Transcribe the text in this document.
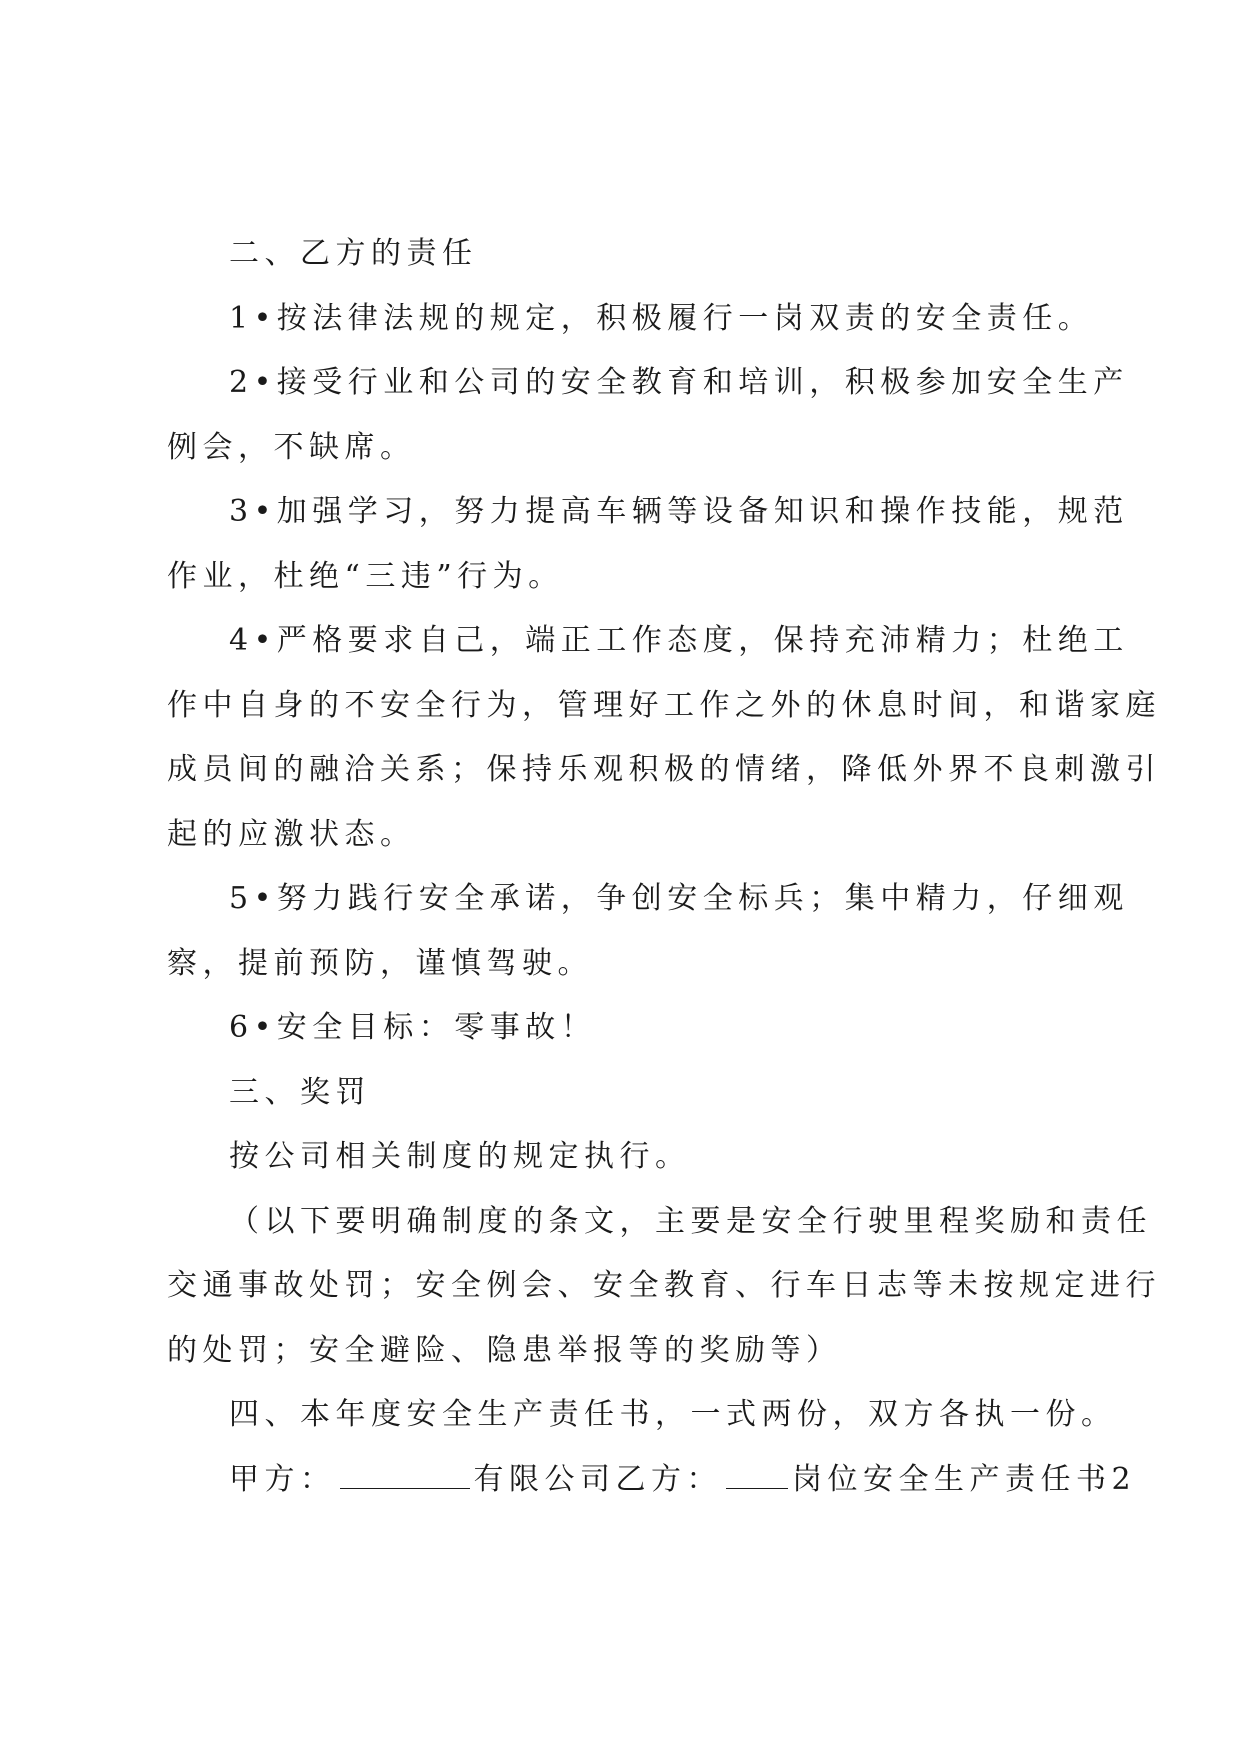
二、乙方的责任

1•按法律法规的规定，积极履行一岗双责的安全责任。

2•接受行业和公司的安全教育和培训，积极参加安全生产
例会，不缺席。

3•加强学习，努力提高车辆等设备知识和操作技能，规范
作业，杜绝“三违”行为。

4•严格要求自己，端正工作态度，保持充沛精力；杜绝工
作中自身的不安全行为，管理好工作之外的休息时间，和谐家庭
成员间的融洽关系；保持乐观积极的情绪，降低外界不良刺激引
起的应激状态。

5•努力践行安全承诺，争创安全标兵；集中精力，仔细观
察，提前预防，谨慎驾驶。

6•安全目标：零事故！

三、奖罚

按公司相关制度的规定执行。

（以下要明确制度的条文，主要是安全行驶里程奖励和责任
交通事故处罚；安全例会、安全教育、行车日志等未按规定进行
的处罚；安全避险、隐患举报等的奖励等）

四、本年度安全生产责任书，一式两份，双方各执一份。

甲方：	有限公司乙方： 岗位安全生产责任书2
